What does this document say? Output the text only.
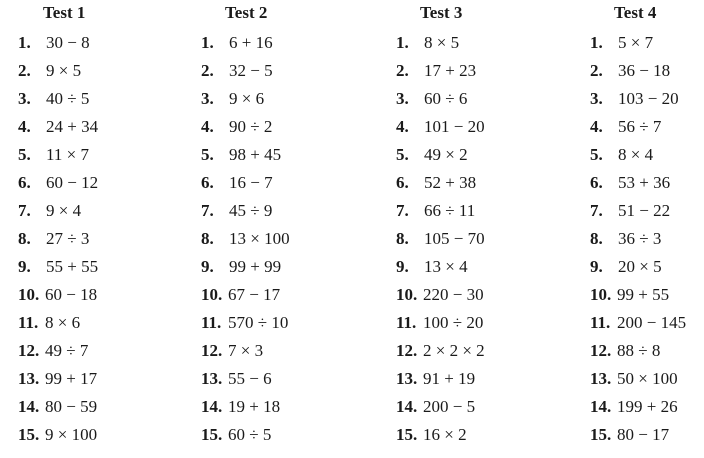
Test 1
1. 30 − 8
2. 9 × 5
3. 40 ÷ 5
4. 24 + 34
5. 11 × 7
6. 60 − 12
7. 9 × 4
8. 27 ÷ 3
9. 55 + 55
10. 60 − 18
11. 8 × 6
12. 49 ÷ 7
13. 99 + 17
14. 80 − 59
15. 9 × 100
Test 2
1. 6 + 16
2. 32 − 5
3. 9 × 6
4. 90 ÷ 2
5. 98 + 45
6. 16 − 7
7. 45 ÷ 9
8. 13 × 100
9. 99 + 99
10. 67 − 17
11. 570 ÷ 10
12. 7 × 3
13. 55 − 6
14. 19 + 18
15. 60 ÷ 5
Test 3
1. 8 × 5
2. 17 + 23
3. 60 ÷ 6
4. 101 − 20
5. 49 × 2
6. 52 + 38
7. 66 ÷ 11
8. 105 − 70
9. 13 × 4
10. 220 − 30
11. 100 ÷ 20
12. 2 × 2 × 2
13. 91 + 19
14. 200 − 5
15. 16 × 2
Test 4
1. 5 × 7
2. 36 − 18
3. 103 − 20
4. 56 ÷ 7
5. 8 × 4
6. 53 + 36
7. 51 − 22
8. 36 ÷ 3
9. 20 × 5
10. 99 + 55
11. 200 − 145
12. 88 ÷ 8
13. 50 × 100
14. 199 + 26
15. 80 − 17
